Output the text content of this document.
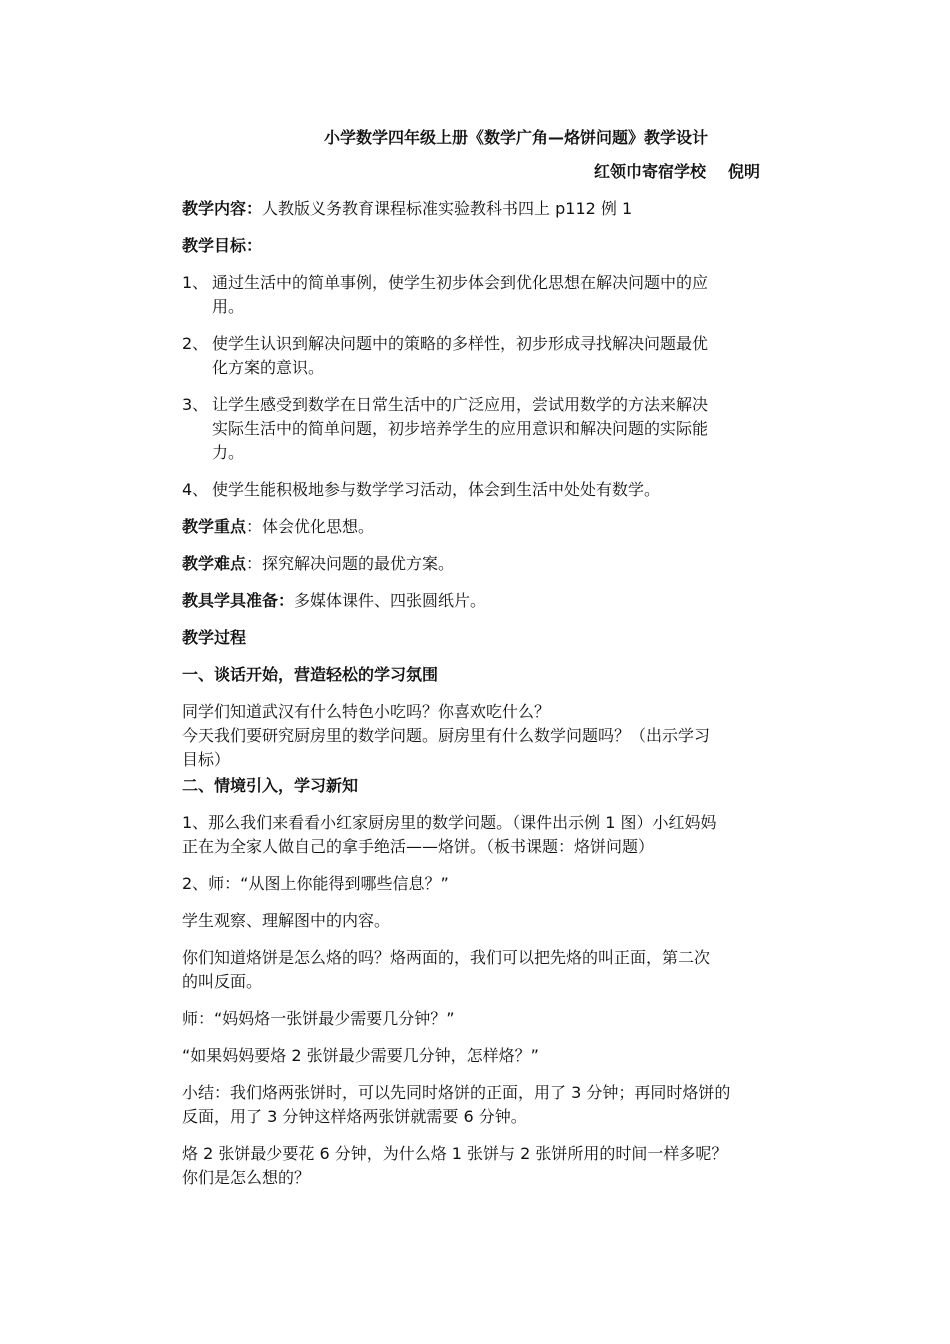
小学数学四年级上册《数学广角—烙饼问题》教学设计
红领巾寄宿学校 倪明
教学内容：人教版义务教育课程标准实验教科书四上 p112 例 1
教学目标：
1、 通过生活中的简单事例，使学生初步体会到优化思想在解决问题中的应
用。
2、 使学生认识到解决问题中的策略的多样性，初步形成寻找解决问题最优
化方案的意识。
3、 让学生感受到数学在日常生活中的广泛应用，尝试用数学的方法来解决
实际生活中的简单问题，初步培养学生的应用意识和解决问题的实际能
力。
4、 使学生能积极地参与数学学习活动，体会到生活中处处有数学。
教学重点：体会优化思想。
教学难点：探究解决问题的最优方案。
教具学具准备：多媒体课件、四张圆纸片。
教学过程
一、谈话开始，营造轻松的学习氛围
同学们知道武汉有什么特色小吃吗？你喜欢吃什么？
今天我们要研究厨房里的数学问题。厨房里有什么数学问题吗？（出示学习
目标）
二、情境引入，学习新知
1、那么我们来看看小红家厨房里的数学问题。（课件出示例 1 图）小红妈妈
正在为全家人做自己的拿手绝活——烙饼。（板书课题：烙饼问题）
2、师：“从图上你能得到哪些信息？”
学生观察、理解图中的内容。
你们知道烙饼是怎么烙的吗？烙两面的，我们可以把先烙的叫正面，第二次
的叫反面。
师：“妈妈烙一张饼最少需要几分钟？”
“如果妈妈要烙 2 张饼最少需要几分钟，怎样烙？”
小结：我们烙两张饼时，可以先同时烙饼的正面，用了 3 分钟；再同时烙饼的
反面，用了 3 分钟这样烙两张饼就需要 6 分钟。
烙 2 张饼最少要花 6 分钟，为什么烙 1 张饼与 2 张饼所用的时间一样多呢？
你们是怎么想的？
